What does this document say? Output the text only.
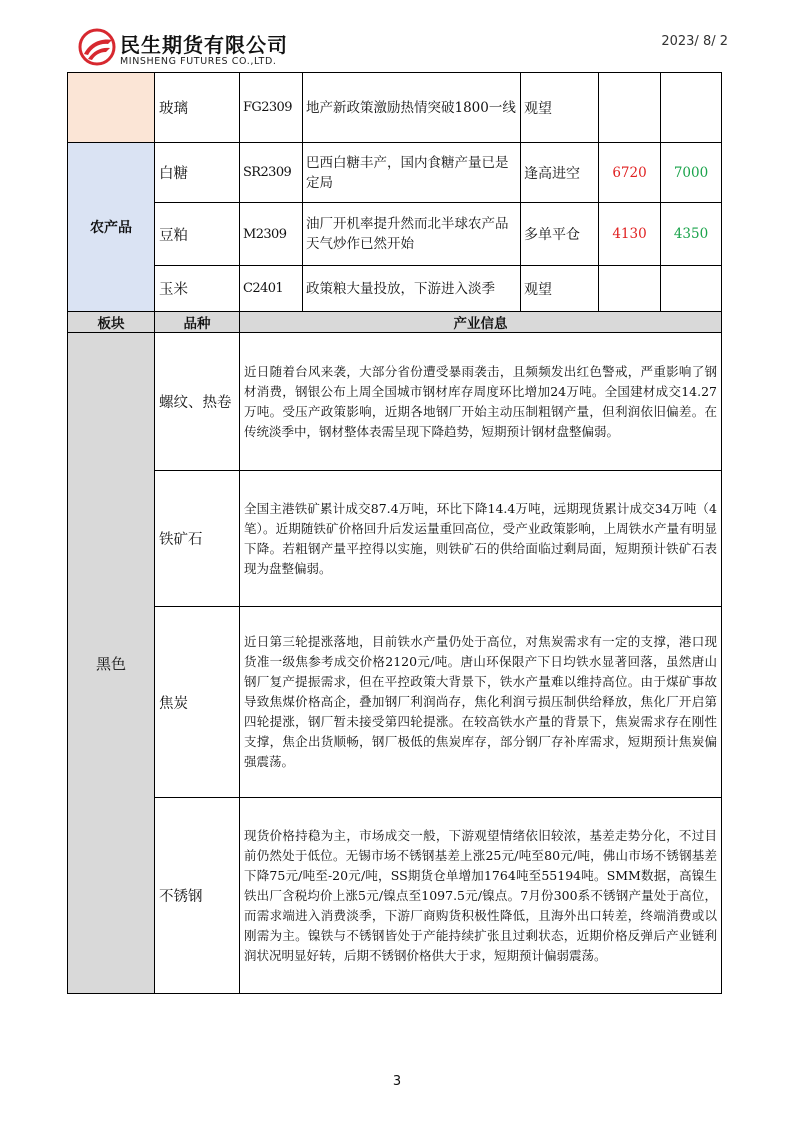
民生期货有限公司
MINSHENG FUTURES CO.,LTD.
2023/ 8/ 2
	玻璃	FG2309	地产新政策激励热情突破1800一线	观望		
农产品	白糖	SR2309	巴西白糖丰产，国内食糖产量已是定局	逢高进空	6720	7000
	豆粕	M2309	油厂开机率提升然而北半球农产品天气炒作已然开始	多单平仓	4130	4350
	玉米	C2401	政策粮大量投放，下游进入淡季	观望		
板块	品种	产业信息				
黑色	螺纹、热卷	近日随着台风来袭，大部分省份遭受暴雨袭击，且频频发出红色警戒，严重影响了钢材消费，钢银公布上周全国城市钢材库存周度环比增加24万吨。全国建材成交14.27万吨。受压产政策影响，近期各地钢厂开始主动压制粗钢产量，但利润依旧偏差。在传统淡季中，钢材整体表需呈现下降趋势，短期预计钢材盘整偏弱。				
	铁矿石	全国主港铁矿累计成交87.4万吨，环比下降14.4万吨，远期现货累计成交34万吨（4笔）。近期随铁矿价格回升后发运量重回高位，受产业政策影响，上周铁水产量有明显下降。若粗钢产量平控得以实施，则铁矿石的供给面临过剩局面，短期预计铁矿石表现为盘整偏弱。				
	焦炭	近日第三轮提涨落地，目前铁水产量仍处于高位，对焦炭需求有一定的支撑，港口现货准一级焦参考成交价格2120元/吨。唐山环保限产下日均铁水显著回落，虽然唐山钢厂复产提振需求，但在平控政策大背景下，铁水产量难以维持高位。由于煤矿事故导致焦煤价格高企，叠加钢厂利润尚存，焦化利润亏损压制供给释放，焦化厂开启第四轮提涨，钢厂暂未接受第四轮提涨。在较高铁水产量的背景下，焦炭需求存在刚性支撑，焦企出货顺畅，钢厂极低的焦炭库存，部分钢厂存补库需求，短期预计焦炭偏强震荡。				
	不锈钢	现货价格持稳为主，市场成交一般，下游观望情绪依旧较浓，基差走势分化，不过目前仍然处于低位。无锡市场不锈钢基差上涨25元/吨至80元/吨，佛山市场不锈钢基差下降75元/吨至-20元/吨，SS期货仓单增加1764吨至55194吨。SMM数据，高镍生铁出厂含税均价上涨5元/镍点至1097.5元/镍点。7月份300系不锈钢产量处于高位，而需求端进入消费淡季，下游厂商购货积极性降低，且海外出口转差，终端消费或以刚需为主。镍铁与不锈钢皆处于产能持续扩张且过剩状态，近期价格反弹后产业链利润状况明显好转，后期不锈钢价格供大于求，短期预计偏弱震荡。				
3
